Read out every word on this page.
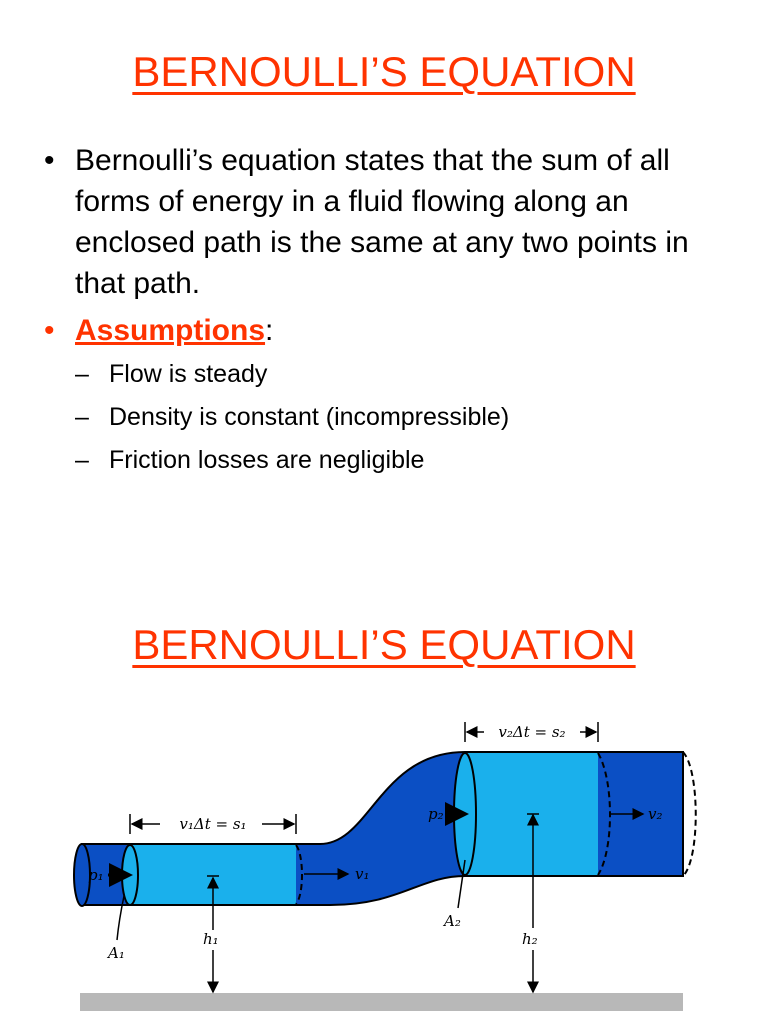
BERNOULLI’S EQUATION
• Bernoulli’s equation states that the sum of all forms of energy in a fluid flowing along an enclosed path is the same at any two points in that path.
• Assumptions:
– Flow is steady
– Density is constant (incompressible)
– Friction losses are negligible
BERNOULLI’S EQUATION
v₁Δt = s₁
v₂Δt = s₂
p₁
p₂
v₁
v₂
A₁
A₂
h₁	h₂
